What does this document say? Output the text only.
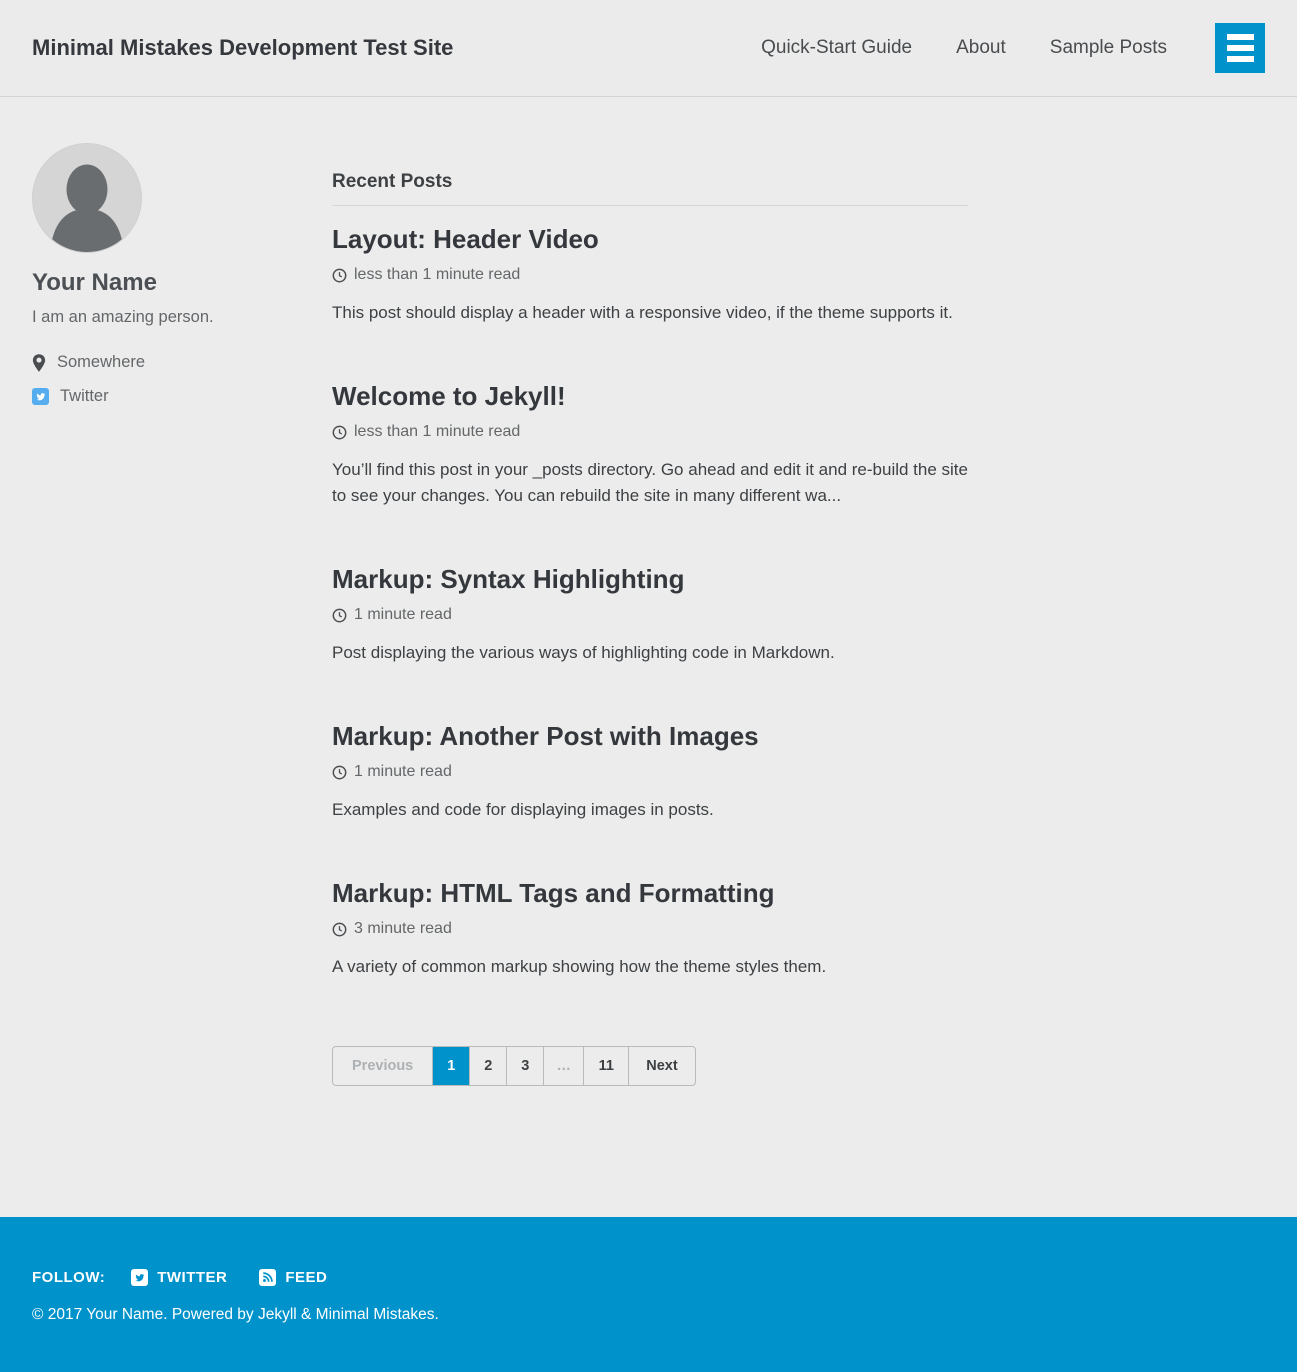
Minimal Mistakes Development Test Site	Quick-Start Guide About Sample Posts
Your Name
I am an amazing person.
Somewhere
Twitter
Recent Posts
Layout: Header Video

less than 1 minute read

This post should display a header with a responsive video, if the theme supports it.

Welcome to Jekyll!

less than 1 minute read

You’ll find this post in your _posts directory. Go ahead and edit it and re-build the site to see your changes. You can rebuild the site in many different wa...

Markup: Syntax Highlighting

1 minute read

Post displaying the various ways of highlighting code in Markdown.

Markup: Another Post with Images

1 minute read

Examples and code for displaying images in posts.

Markup: HTML Tags and Formatting

3 minute read

A variety of common markup showing how the theme styles them.

Previous	1	2	3	…	11	Next
FOLLOW:	TWITTER	FEED
© 2017 Your Name. Powered by Jekyll & Minimal Mistakes.
